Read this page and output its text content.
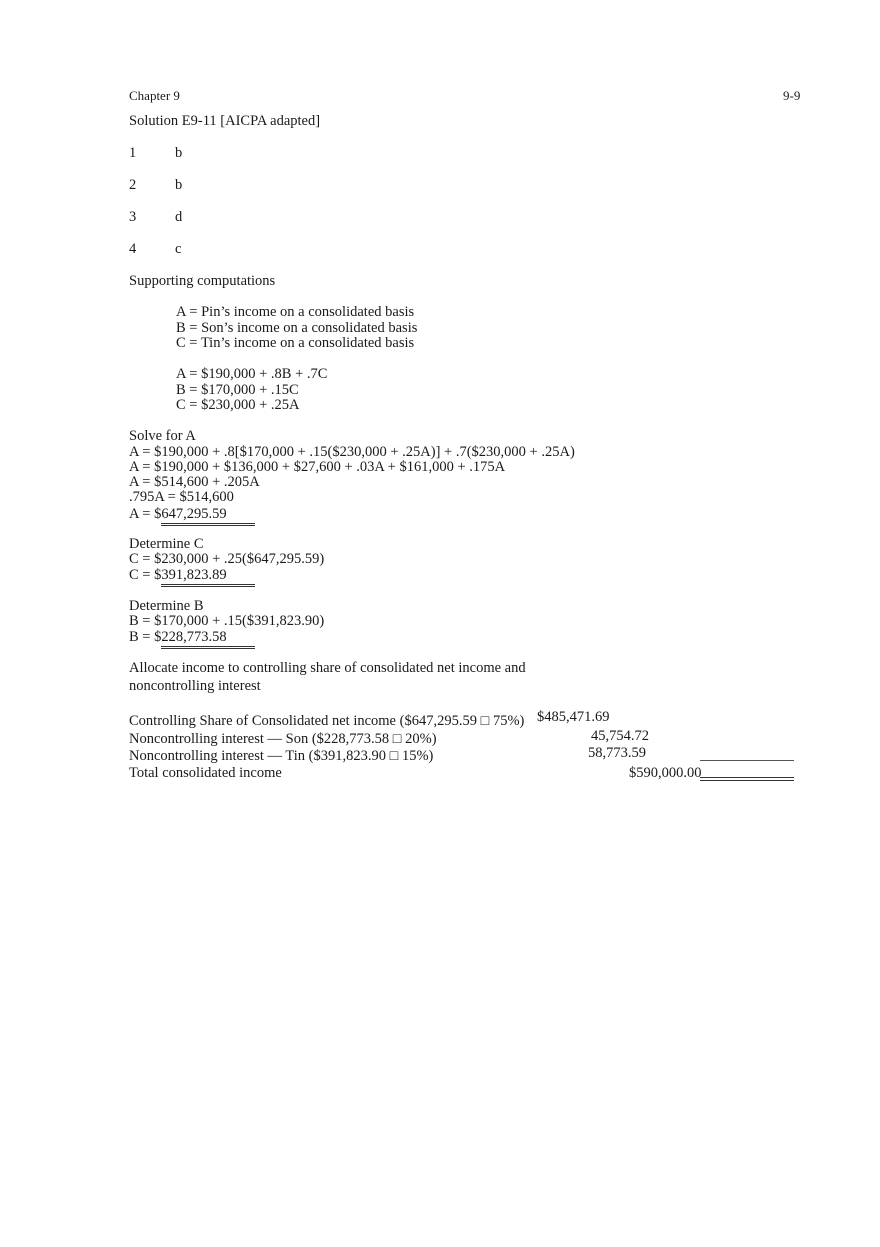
Chapter 9	9-9
Solution E9-11 [AICPA adapted]
1	b
2	b
3	d
4	c
Supporting computations
A = Pin’s income on a consolidated basis
B = Son’s income on a consolidated basis
C = Tin’s income on a consolidated basis
A = $190,000 + .8B + .7C
B = $170,000 + .15C
C = $230,000 + .25A
Solve for A
A = $190,000 + .8[$170,000 + .15($230,000 + .25A)] + .7($230,000 + .25A)
A = $190,000 + $136,000 + $27,600 + .03A + $161,000 + .175A
A = $514,600 + .205A
.795A = $514,600
A = $647,295.59
Determine C
C = $230,000 + .25($647,295.59)
C = $391,823.89
Determine B
B = $170,000 + .15($391,823.90)
B = $228,773.58
Allocate income to controlling share of consolidated net income and
noncontrolling interest
Controlling Share of Consolidated net income ($647,295.59 □ 75%) $485,471.69
Noncontrolling interest — Son ($228,773.58 □ 20%)	45,754.72
Noncontrolling interest — Tin ($391,823.90 □ 15%)	58,773.59
Total consolidated income	$590,000.00
